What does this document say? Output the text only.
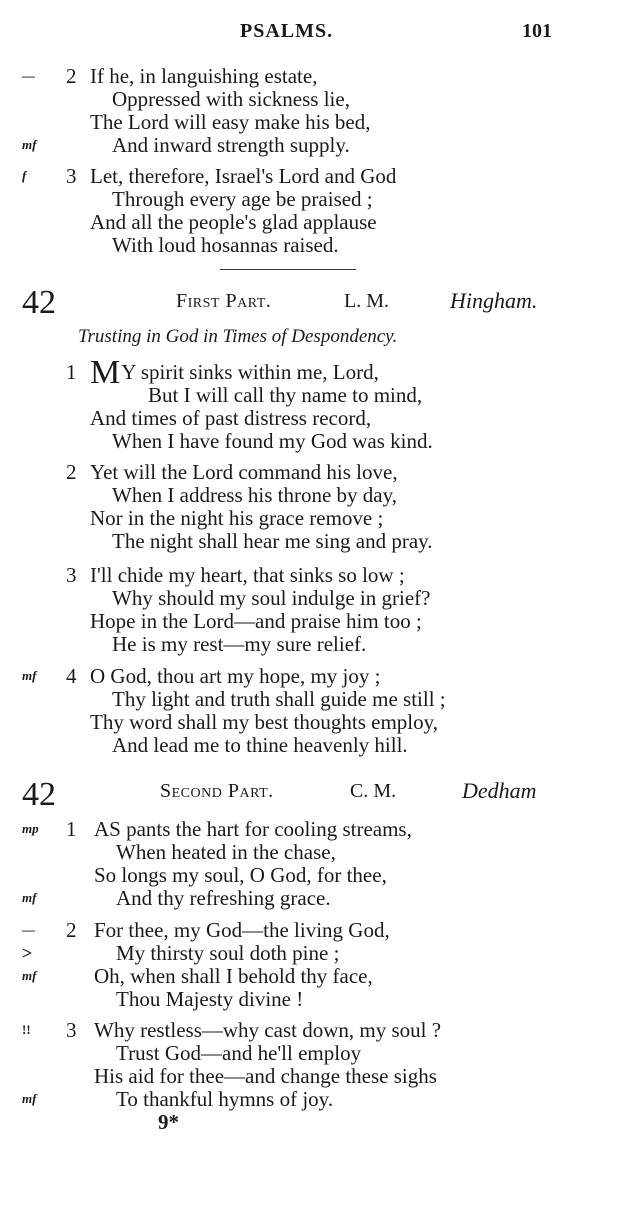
PSALMS.	101
—
mf
2 If he, in languishing estate,
Oppressed with sickness lie,
The Lord will easy make his bed,
And inward strength supply.
f	3 Let, therefore, Israel's Lord and God
Through every age be praised ;
And all the people's glad applause
With loud hosannas raised.
42	First Part.	L. M.	Hingham.
Trusting in God in Times of Despondency.
1 MY spirit sinks within me, Lord,
But I will call thy name to mind,
And times of past distress record,
When I have found my God was kind.
2 Yet will the Lord command his love,
When I address his throne by day,
Nor in the night his grace remove ;
The night shall hear me sing and pray.
3 I'll chide my heart, that sinks so low ;
Why should my soul indulge in grief?
Hope in the Lord—and praise him too ;
He is my rest—my sure relief.
mf	4 O God, thou art my hope, my joy ;
Thy light and truth shall guide me still ;
Thy word shall my best thoughts employ,
And lead me to thine heavenly hill.
42	Second Part.	C. M.	Dedham
mp
mf
1 AS pants the hart for cooling streams,
When heated in the chase,
So longs my soul, O God, for thee,
And thy refreshing grace.
—
>
mf
2 For thee, my God—the living God,
My thirsty soul doth pine ;
Oh, when shall I behold thy face,
Thou Majesty divine !
!!
mf
3 Why restless—why cast down, my soul ?
Trust God—and he'll employ
His aid for thee—and change these sighs
To thankful hymns of joy.
9*
